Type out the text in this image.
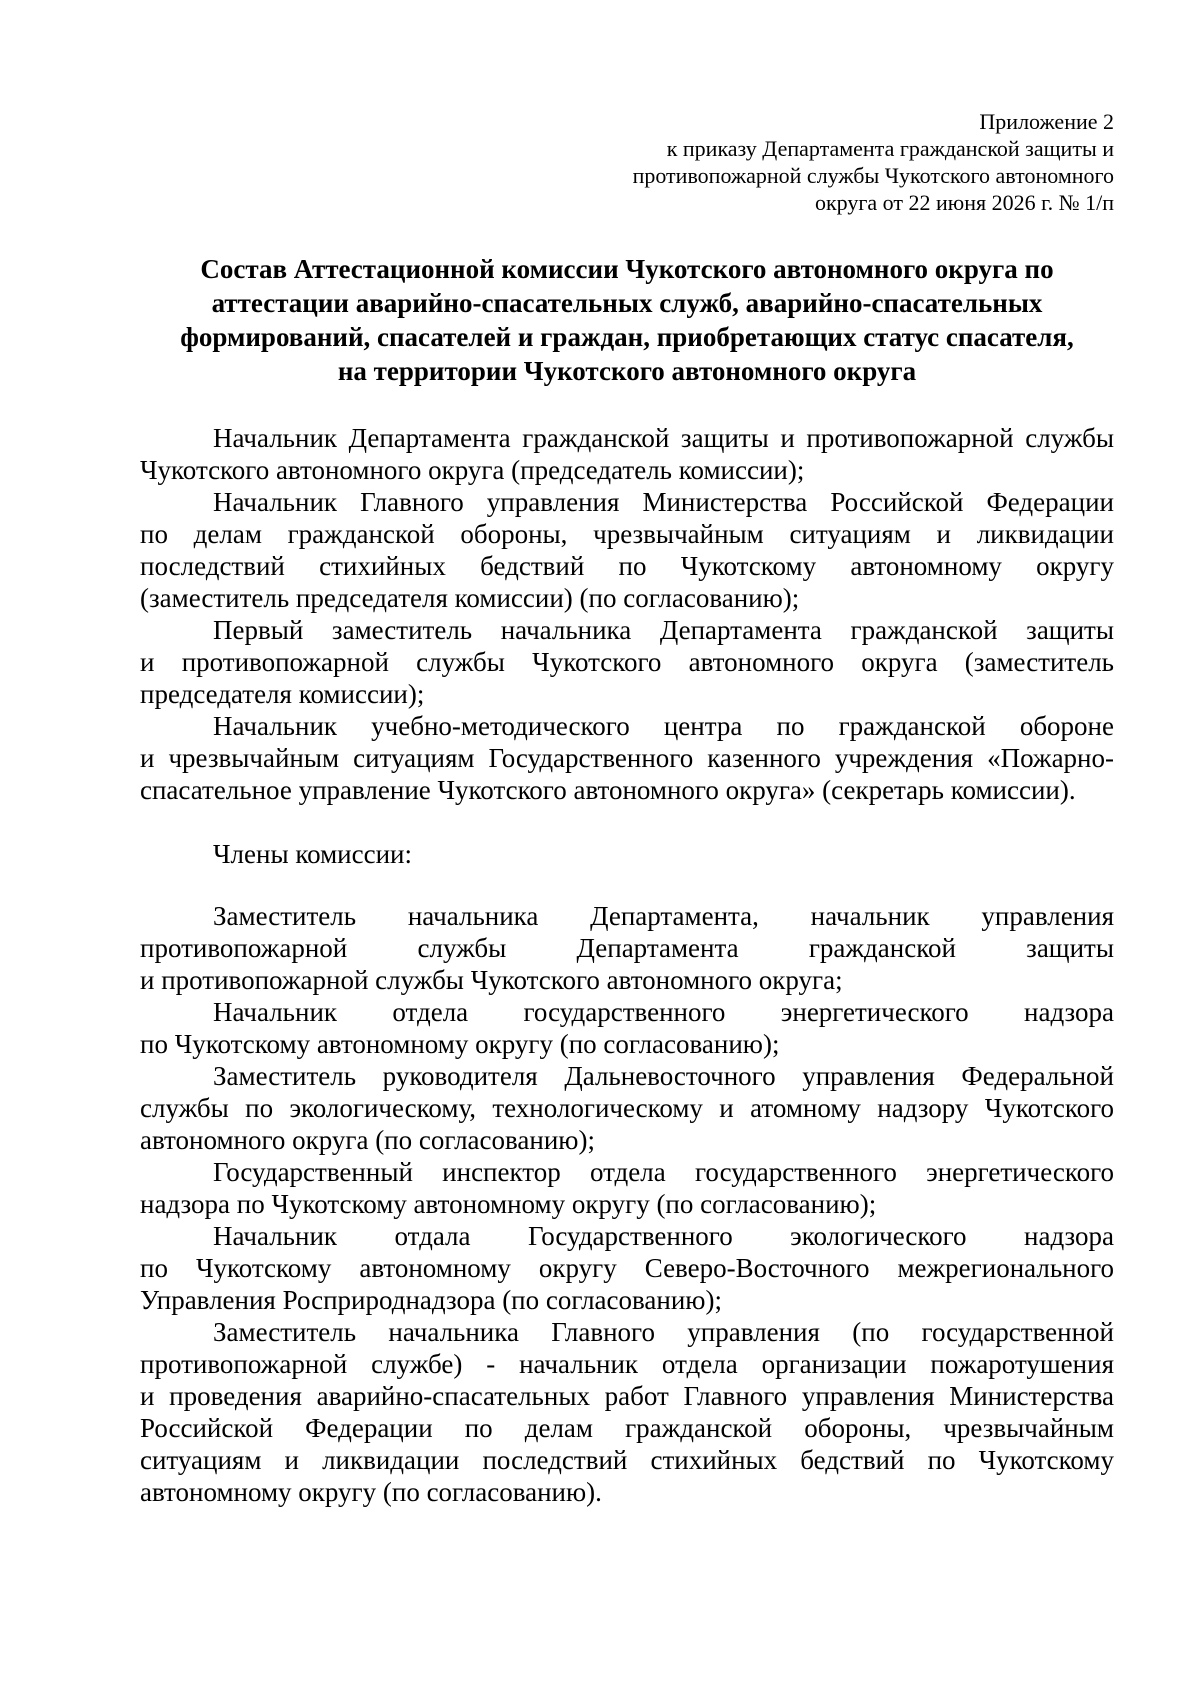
Приложение 2
к приказу Департамента гражданской защиты и
противопожарной службы Чукотского автономного
округа от 22 июня 2026 г. № 1/п
Состав Аттестационной комиссии Чукотского автономного округа по
аттестации аварийно-спасательных служб, аварийно-спасательных
формирований, спасателей и граждан, приобретающих статус спасателя,
на территории Чукотского автономного округа
Начальник Департамента гражданской защиты и противопожарной службы
Чукотского автономного округа (председатель комиссии);
Начальник Главного управления Министерства Российской Федерации
по делам гражданской обороны, чрезвычайным ситуациям и ликвидации
последствий стихийных бедствий по Чукотскому автономному округу
(заместитель председателя комиссии) (по согласованию);
Первый заместитель начальника Департамента гражданской защиты
и противопожарной службы Чукотского автономного округа (заместитель
председателя комиссии);
Начальник учебно-методического центра по гражданской обороне
и чрезвычайным ситуациям Государственного казенного учреждения «Пожарно-
спасательное управление Чукотского автономного округа» (секретарь комиссии).
Члены комиссии:
Заместитель начальника Департамента, начальник управления
противопожарной службы Департамента гражданской защиты
и противопожарной службы Чукотского автономного округа;
Начальник отдела государственного энергетического надзора
по Чукотскому автономному округу (по согласованию);
Заместитель руководителя Дальневосточного управления Федеральной
службы по экологическому, технологическому и атомному надзору Чукотского
автономного округа (по согласованию);
Государственный инспектор отдела государственного энергетического
надзора по Чукотскому автономному округу (по согласованию);
Начальник отдала Государственного экологического надзора
по Чукотскому автономному округу Северо-Восточного межрегионального
Управления Росприроднадзора (по согласованию);
Заместитель начальника Главного управления (по государственной
противопожарной службе) - начальник отдела организации пожаротушения
и проведения аварийно-спасательных работ Главного управления Министерства
Российской Федерации по делам гражданской обороны, чрезвычайным
ситуациям и ликвидации последствий стихийных бедствий по Чукотскому
автономному округу (по согласованию).
